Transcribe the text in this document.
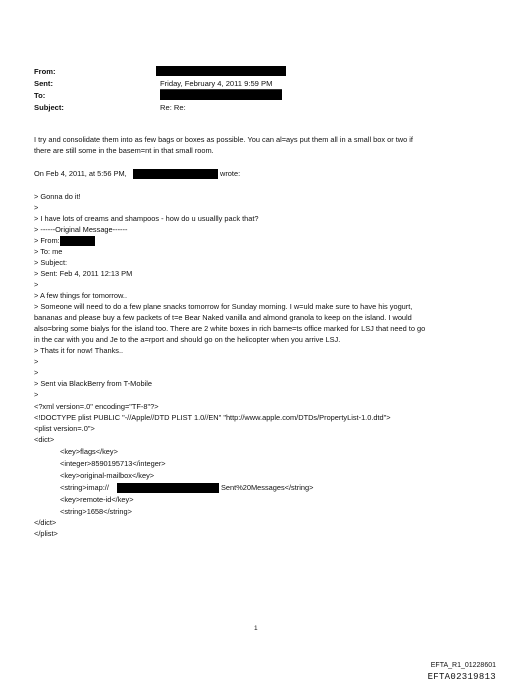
From:
Sent:	Friday, February 4, 2011 9:59 PM
To:
Subject:	Re: Re:
I try and consolidate them into as few bags or boxes as possible. You can al=ays put them all in a small box or two if
there are still some in the basem=nt in that small room.
On Feb 4, 2011, at 5:56 PM,	wrote:
> Gonna do it!
>
> I have lots of creams and shampoos - how do u usuallly pack that?
> ------Original Message------
> From:
> To: me
> Subject:
> Sent: Feb 4, 2011 12:13 PM
>
> A few things for tomorrow..
> Someone will need to do a few plane snacks tomorrow for Sunday morning. I w=uld make sure to have his yogurt,
bananas and please buy a few packets of t=e Bear Naked vanilla and almond granola to keep on the island. I would
also=bring some bialys for the island too. There are 2 white boxes in rich barne=ts office marked for LSJ that need to go
in the car with you and Je to the a=rport and should go on the helicopter when you arrive LSJ.
> Thats it for now! Thanks..
>
>
> Sent via BlackBerry from T-Mobile
>
<?xml version=.0" encoding="TF-8"?>
<!DOCTYPE plist PUBLIC "-//Apple//DTD PLIST 1.0//EN" "http://www.apple.com/DTDs/PropertyList-1.0.dtd">
<plist version=.0">
<dict>
<key>flags</key>
<integer>8590195713</integer>
<key>original-mailbox</key>
<string>imap://	Sent%20Messages</string>
<key>remote-id</key>
<string>1658</string>
</dict>
</plist>
1
EFTA_R1_01228601
EFTA02319813
